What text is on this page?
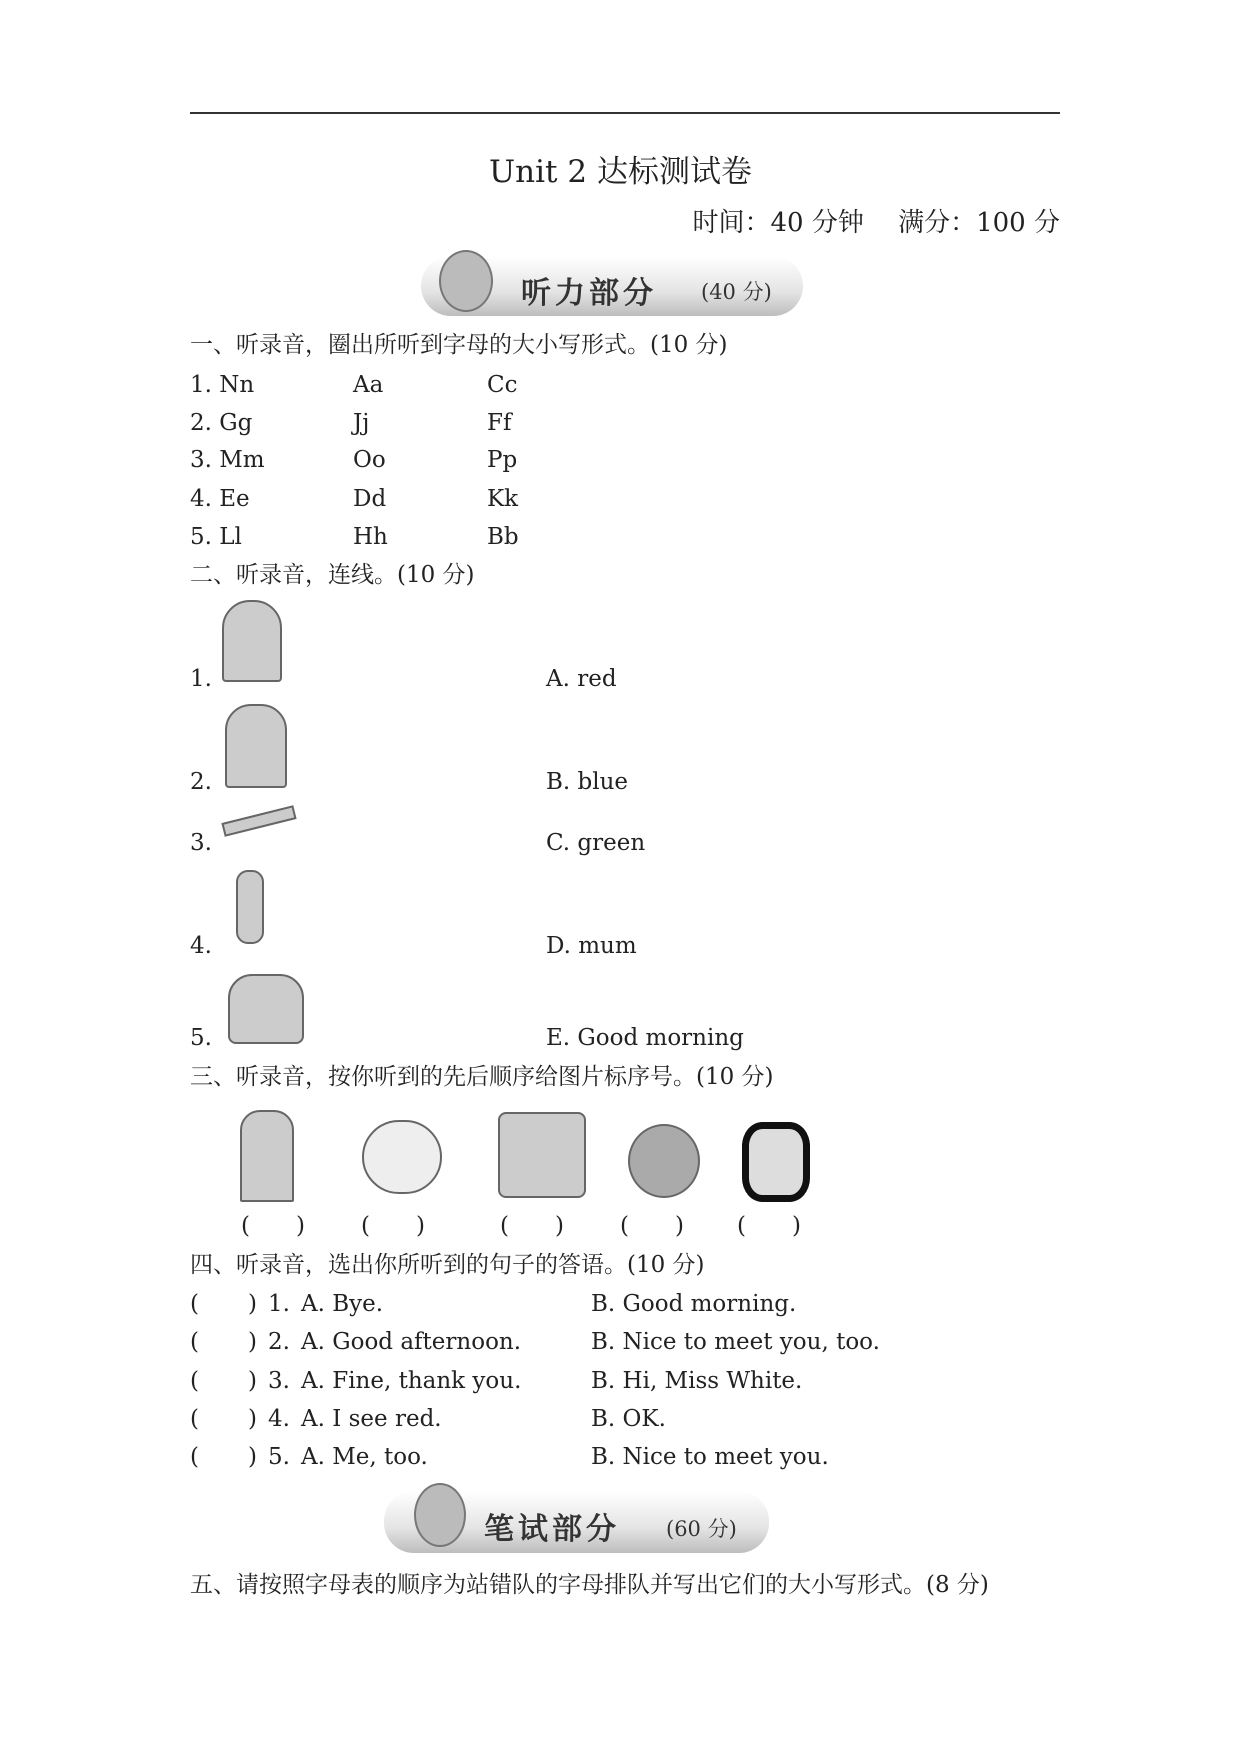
Unit 2 达标测试卷
时间：40 分钟　 满分：100 分
听力部分 (40 分)
一、听录音，圈出所听到字母的大小写形式。(10 分)
二、听录音，连线。(10 分)
三、听录音，按你听到的先后顺序给图片标序号。(10 分)
四、听录音，选出你所听到的句子的答语。(10 分)
笔试部分 (60 分)
五、请按照字母表的顺序为站错队的字母排队并写出它们的大小写形式。(8 分)
1. Nn	Aa	Cc
2. Gg	Jj	Ff
3. Mm	Oo	Pp
4. Ee	Dd	Kk
5. Ll	Hh	Bb
1.	A. red
2.	B. blue
3.	C. green
4.	D. mum
5.	E. Good morning
(　　) (　　)	(　　) (　　) (　　)
( ) 1. A. Bye.	B. Good morning.
( ) 2. A. Good afternoon.	B. Nice to meet you, too.
( ) 3. A. Fine, thank you.	B. Hi, Miss White.
( ) 4. A. I see red.	B. OK.
( ) 5. A. Me, too.	B. Nice to meet you.
